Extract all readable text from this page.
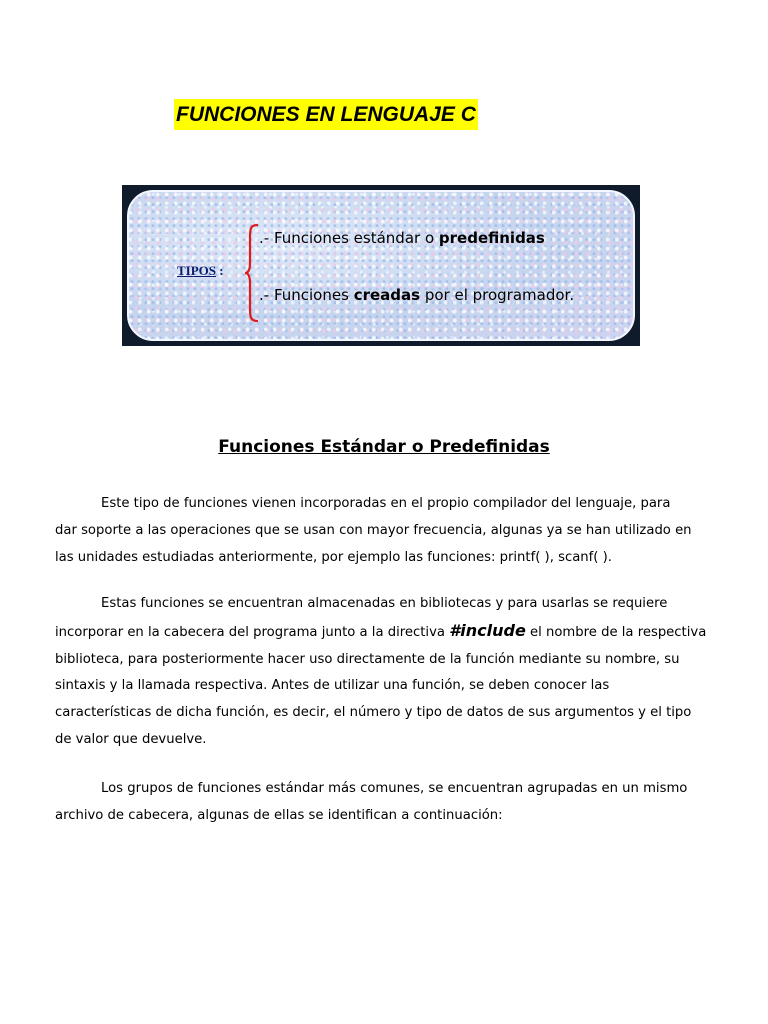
FUNCIONES EN LENGUAJE C
TIPOS :
.- Funciones estándar o predefinidas
.- Funciones creadas por el programador.
Funciones Estándar o Predefinidas

Este tipo de funciones vienen incorporadas en el propio compilador del lenguaje, para
dar soporte a las operaciones que se usan con mayor frecuencia, algunas ya se han utilizado en
las unidades estudiadas anteriormente, por ejemplo las funciones: printf( ), scanf( ).

Estas funciones se encuentran almacenadas en bibliotecas y para usarlas se requiere
incorporar en la cabecera del programa junto a la directiva #include el nombre de la respectiva
biblioteca, para posteriormente hacer uso directamente de la función mediante su nombre, su
sintaxis y la llamada respectiva. Antes de utilizar una función, se deben conocer las
características de dicha función, es decir, el número y tipo de datos de sus argumentos y el tipo
de valor que devuelve.

Los grupos de funciones estándar más comunes, se encuentran agrupadas en un mismo
archivo de cabecera, algunas de ellas se identifican a continuación:
